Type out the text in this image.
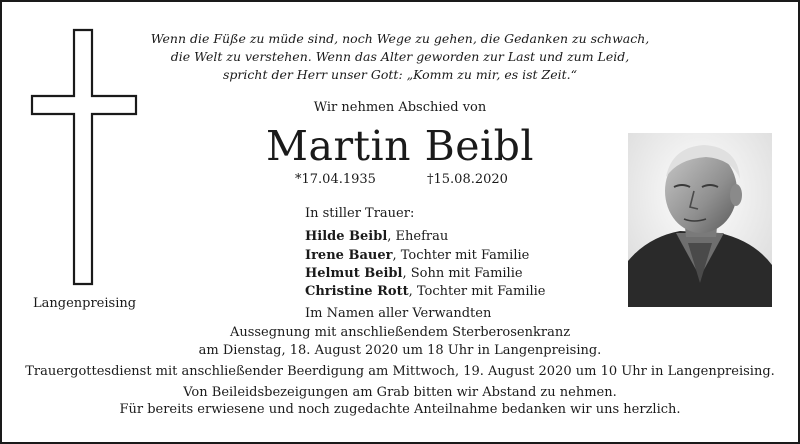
Wenn die Füße zu müde sind, noch Wege zu gehen, die Gedanken zu schwach,
die Welt zu verstehen. Wenn das Alter geworden zur Last und zum Leid,
spricht der Herr unser Gott: „Komm zu mir, es ist Zeit.“
Langenpreising
Wir nehmen Abschied von
Martin Beibl
*17.04.1935	†15.08.2020
In stiller Trauer:
Hilde Beibl, Ehefrau
Irene Bauer, Tochter mit Familie
Helmut Beibl, Sohn mit Familie
Christine Rott, Tochter mit Familie
Im Namen aller Verwandten
Aussegnung mit anschließendem Sterberosenkranz
am Dienstag, 18. August 2020 um 18 Uhr in Langenpreising.
Trauergottesdienst mit anschließender Beerdigung am Mittwoch, 19. August 2020 um 10 Uhr in Langenpreising.
Von Beileidsbezeigungen am Grab bitten wir Abstand zu nehmen.
Für bereits erwiesene und noch zugedachte Anteilnahme bedanken wir uns herzlich.
